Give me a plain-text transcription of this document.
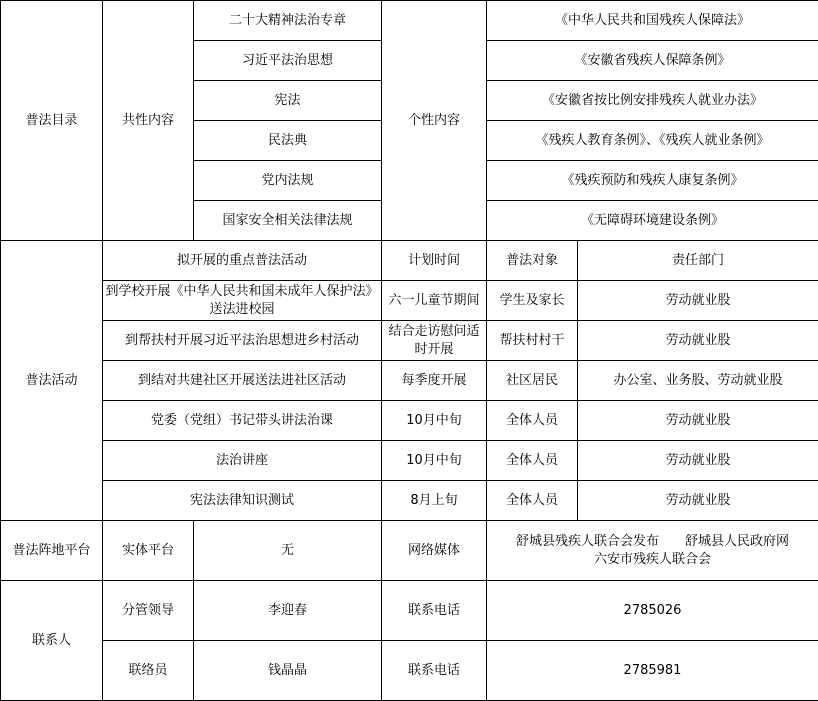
普法目录	共性内容	二十大精神法治专章	个性内容	《中华人民共和国残疾人保障法》	
		习近平法治思想		《安徽省残疾人保障条例》	
		宪法		《安徽省按比例安排残疾人就业办法》	
		民法典		《残疾人教育条例》、《残疾人就业条例》	
		党内法规		《残疾预防和残疾人康复条例》	
		国家安全相关法律法规		《无障碍环境建设条例》	
普法活动	拟开展的重点普法活动		计划时间	普法对象	责任部门
	到学校开展《中华人民共和国未成年人保护法》送法进校园		六一儿童节期间	学生及家长	劳动就业股
	到帮扶村开展习近平法治思想进乡村活动		结合走访慰问适时开展	帮扶村村干	劳动就业股
	到结对共建社区开展送法进社区活动		每季度开展	社区居民	办公室、业务股、劳动就业股
	党委（党组）书记带头讲法治课		10月中旬	全体人员	劳动就业股
	法治讲座		10月中旬	全体人员	劳动就业股
	宪法法律知识测试		8月上旬	全体人员	劳动就业股
普法阵地平台	实体平台	无	网络媒体	舒城县残疾人联合会发布　　舒城县人民政府网
六安市残疾人联合会	

联系人	分管领导	李迎春	联系电话	2785026	
	联络员	钱晶晶	联系电话	2785981	
